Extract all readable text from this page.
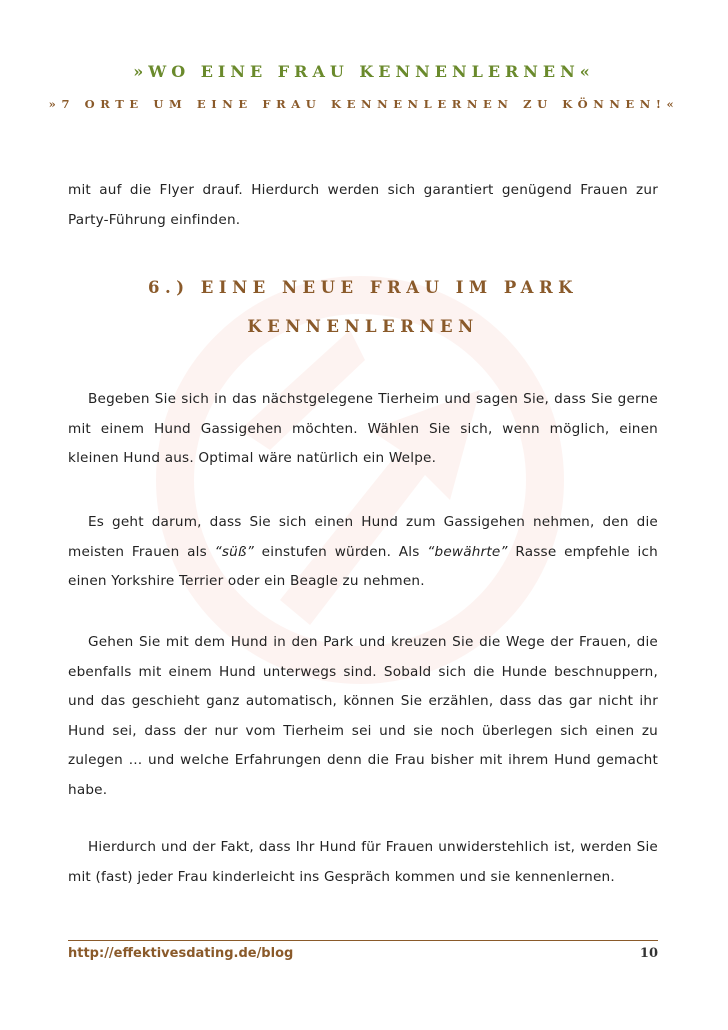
»WO EINE FRAU KENNENLERNEN«
»7 ORTE UM EINE FRAU KENNENLERNEN ZU KÖNNEN!«

mit auf die Flyer drauf. Hierdurch werden sich garantiert genügend Frauen zur Party-Führung einfinden.

6.) EINE NEUE FRAU IM PARK
KENNENLERNEN

Begeben Sie sich in das nächstgelegene Tierheim und sagen Sie, dass Sie gerne mit einem Hund Gassigehen möchten. Wählen Sie sich, wenn möglich, einen kleinen Hund aus. Optimal wäre natürlich ein Welpe.

Es geht darum, dass Sie sich einen Hund zum Gassigehen nehmen, den die meisten Frauen als “süß” einstufen würden. Als “bewährte” Rasse empfehle ich einen Yorkshire Terrier oder ein Beagle zu nehmen.

Gehen Sie mit dem Hund in den Park und kreuzen Sie die Wege der Frauen, die ebenfalls mit einem Hund unterwegs sind. Sobald sich die Hunde beschnuppern, und das geschieht ganz automatisch, können Sie erzählen, dass das gar nicht ihr Hund sei, dass der nur vom Tierheim sei und sie noch überlegen sich einen zu zulegen … und welche Erfahrungen denn die Frau bisher mit ihrem Hund gemacht habe.

Hierdurch und der Fakt, dass Ihr Hund für Frauen unwiderstehlich ist, werden Sie mit (fast) jeder Frau kinderleicht ins Gespräch kommen und sie kennenlernen.

http://effektivesdating.de/blog	10
